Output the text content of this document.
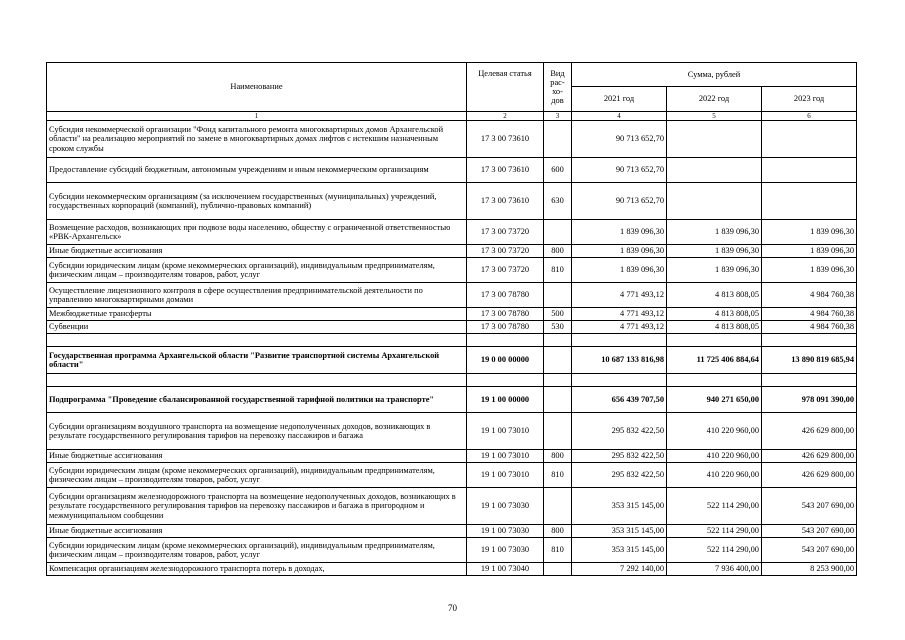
Наименование	Целевая статья	Вид
рас-
хо-
дов	Сумма, рублей		
			2021 год	2022 год	2023 год
1	2	3	4	5	6
Субсидия некоммерческой организации "Фонд капитального ремонта многоквартирных домов Архангельской области" на реализацию мероприятий по замене в многоквартирных домах лифтов с истекшим назначенным сроком службы	17 3 00 73610		90 713 652,70		
Предоставление субсидий бюджетным, автономным учреждениям и иным некоммерческим организациям	17 3 00 73610	600	90 713 652,70		
Субсидии некоммерческим организациям (за исключением государственных (муниципальных) учреждений, государственных корпораций (компаний), публично-правовых компаний)	17 3 00 73610	630	90 713 652,70		
Возмещение расходов, возникающих при подвозе воды населению, обществу с ограниченной ответственностью «РВК-Архангельск»	17 3 00 73720		1 839 096,30	1 839 096,30	1 839 096,30
Иные бюджетные ассигнования	17 3 00 73720	800	1 839 096,30	1 839 096,30	1 839 096,30
Субсидии юридическим лицам (кроме некоммерческих организаций), индивидуальным предпринимателям, физическим лицам – производителям товаров, работ, услуг	17 3 00 73720	810	1 839 096,30	1 839 096,30	1 839 096,30
Осуществление лицензионного контроля в сфере осуществления предпринимательской деятельности по управлению многоквартирными домами	17 3 00 78780		4 771 493,12	4 813 808,05	4 984 760,38
Межбюджетные трансферты	17 3 00 78780	500	4 771 493,12	4 813 808,05	4 984 760,38
Субвенции	17 3 00 78780	530	4 771 493,12	4 813 808,05	4 984 760,38

Государственная программа Архангельской области "Развитие транспортной системы Архангельской области"	19 0 00 00000		10 687 133 816,98	11 725 406 884,64	13 890 819 685,94

Подпрограмма "Проведение сбалансированной государственной тарифной политики на транспорте"	19 1 00 00000		656 439 707,50	940 271 650,00	978 091 390,00
Субсидии организациям воздушного транспорта на возмещение недополученных доходов, возникающих в результате государственного регулирования тарифов на перевозку пассажиров и багажа	19 1 00 73010		295 832 422,50	410 220 960,00	426 629 800,00
Иные бюджетные ассигнования	19 1 00 73010	800	295 832 422,50	410 220 960,00	426 629 800,00
Субсидии юридическим лицам (кроме некоммерческих организаций), индивидуальным предпринимателям, физическим лицам – производителям товаров, работ, услуг	19 1 00 73010	810	295 832 422,50	410 220 960,00	426 629 800,00
Субсидии организациям железнодорожного транспорта на возмещение недополученных доходов, возникающих в результате государственного регулирования тарифов на перевозку пассажиров и багажа в пригородном и межмуниципальном сообщении	19 1 00 73030		353 315 145,00	522 114 290,00	543 207 690,00
Иные бюджетные ассигнования	19 1 00 73030	800	353 315 145,00	522 114 290,00	543 207 690,00
Субсидии юридическим лицам (кроме некоммерческих организаций), индивидуальным предпринимателям, физическим лицам – производителям товаров, работ, услуг	19 1 00 73030	810	353 315 145,00	522 114 290,00	543 207 690,00
Компенсация организациям железнодорожного транспорта потерь в доходах,	19 1 00 73040		7 292 140,00	7 936 400,00	8 253 900,00
70
